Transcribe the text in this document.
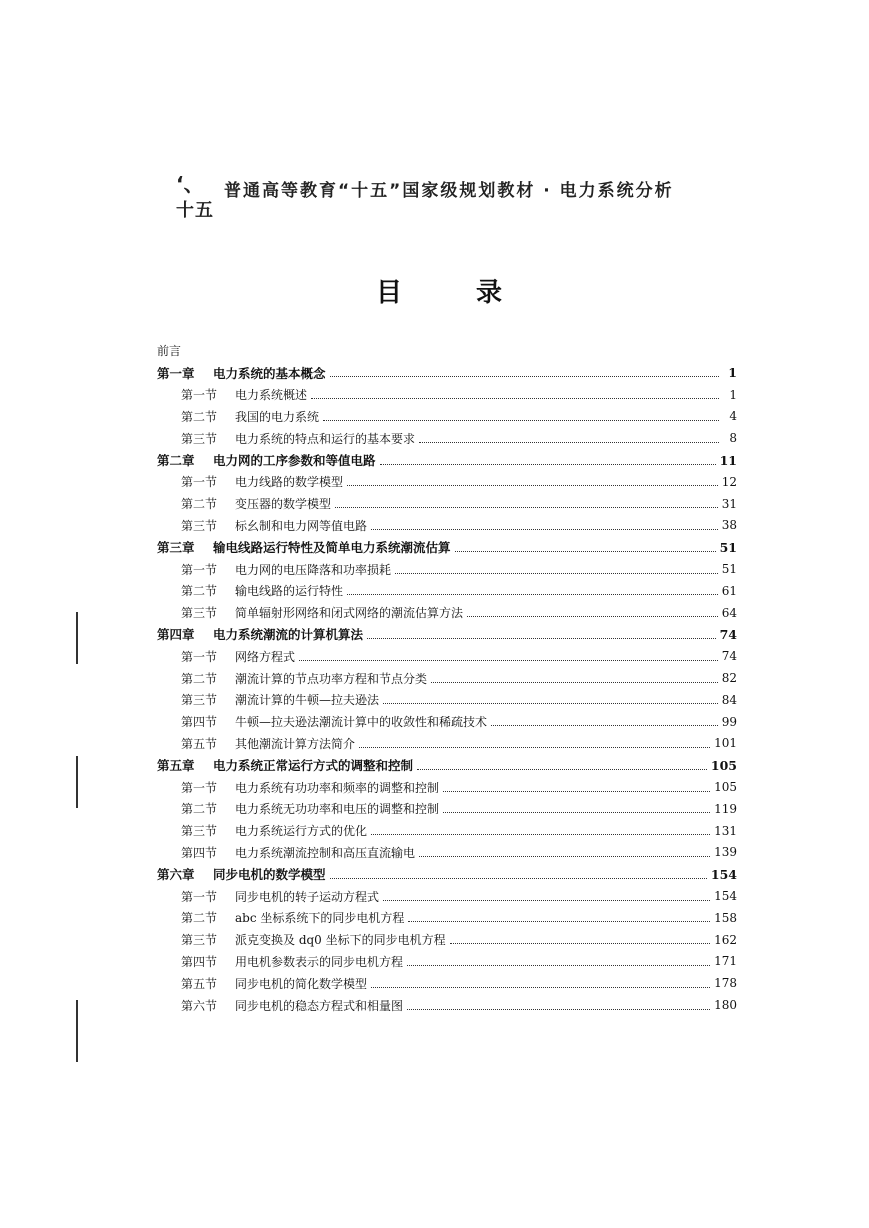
‘、 普通高等教育“十五”国家级规划教材 · 电力系统分析
十五
目	录
前言
第一章	电力系统的基本概念	1
第一节	电力系统概述	1
第二节	我国的电力系统	4
第三节	电力系统的特点和运行的基本要求	8
第二章	电力网的工序参数和等值电路	11
第一节	电力线路的数学模型	12
第二节	变压器的数学模型	31
第三节	标幺制和电力网等值电路	38
第三章	输电线路运行特性及简单电力系统潮流估算	51
第一节	电力网的电压降落和功率损耗	51
第二节	输电线路的运行特性	61
第三节	简单辐射形网络和闭式网络的潮流估算方法	64
第四章	电力系统潮流的计算机算法	74
第一节	网络方程式	74
第二节	潮流计算的节点功率方程和节点分类	82
第三节	潮流计算的牛顿—拉夫逊法	84
第四节	牛顿—拉夫逊法潮流计算中的收敛性和稀疏技术	99
第五节	其他潮流计算方法简介	101
第五章	电力系统正常运行方式的调整和控制	105
第一节	电力系统有功功率和频率的调整和控制	105
第二节	电力系统无功功率和电压的调整和控制	119
第三节	电力系统运行方式的优化	131
第四节	电力系统潮流控制和高压直流输电	139
第六章	同步电机的数学模型	154
第一节	同步电机的转子运动方程式	154
第二节	abc 坐标系统下的同步电机方程	158
第三节	派克变换及 dq0 坐标下的同步电机方程	162
第四节	用电机参数表示的同步电机方程	171
第五节	同步电机的简化数学模型	178
第六节	同步电机的稳态方程式和相量图	180
